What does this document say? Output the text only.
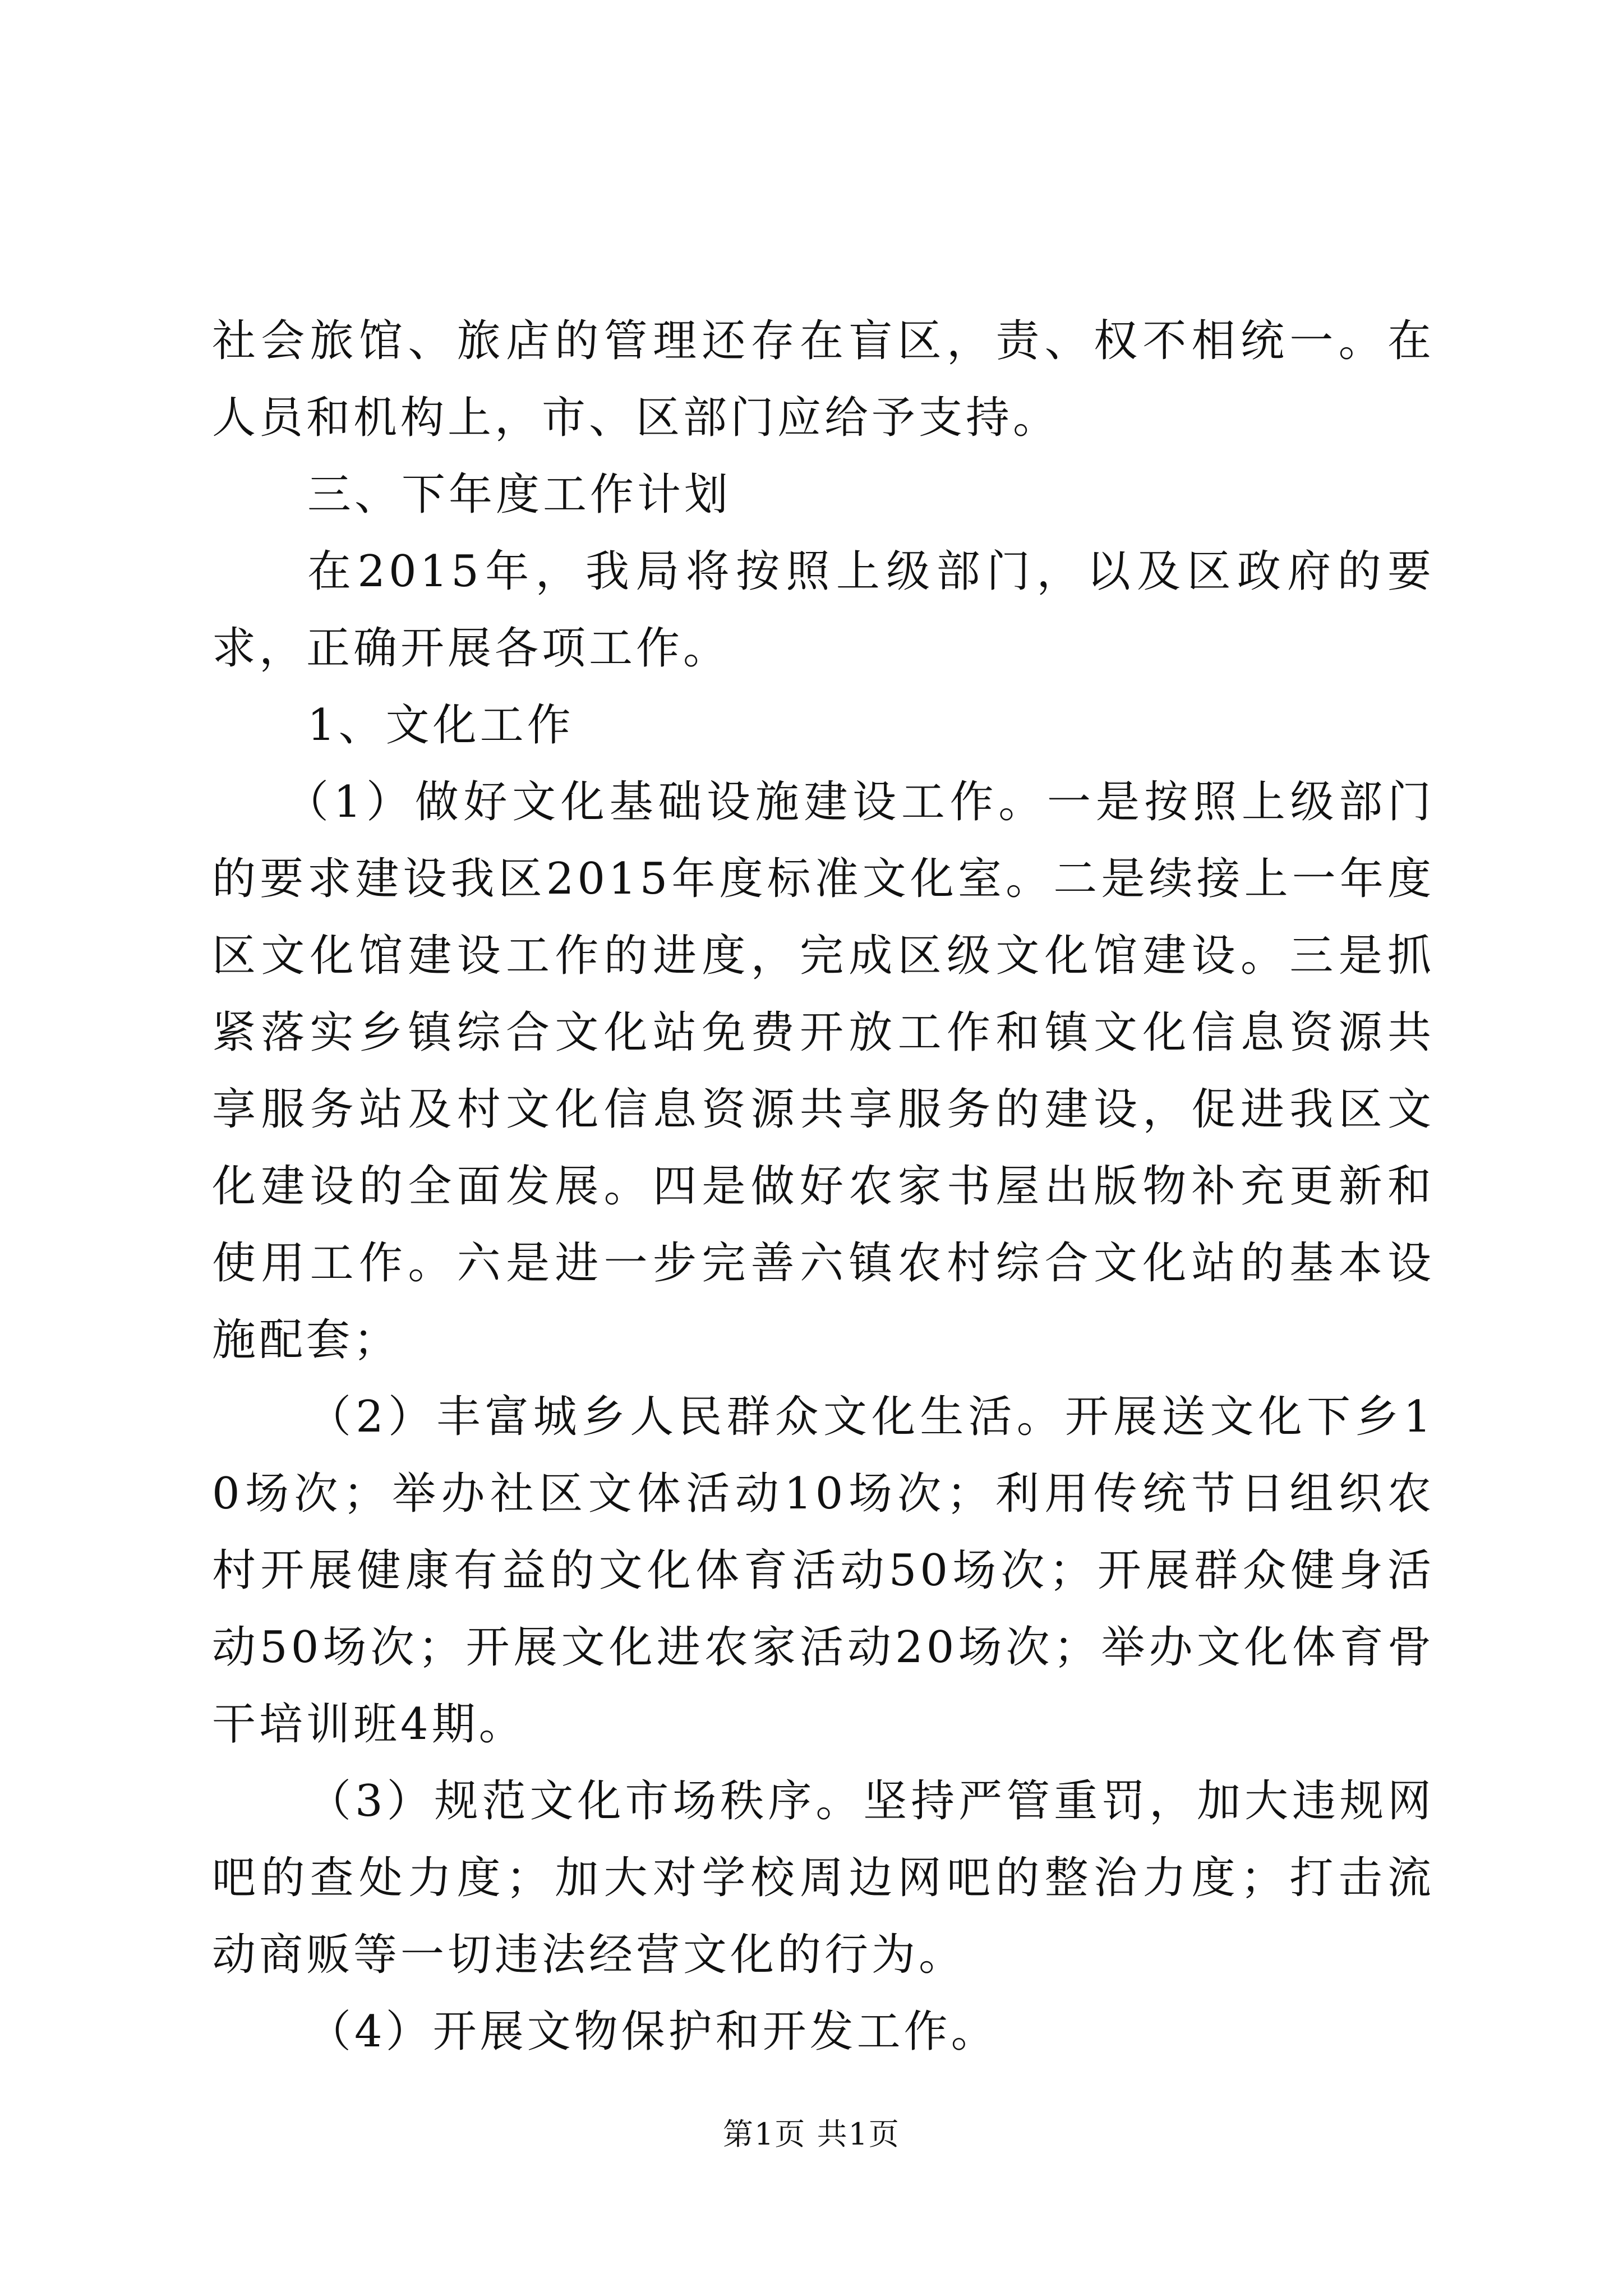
社会旅馆、旅店的管理还存在盲区，责、权不相统一。在人员和机构上，市、区部门应给予支持。

三、下年度工作计划

在2015年，我局将按照上级部门，以及区政府的要求，正确开展各项工作。

1、文化工作

（1）做好文化基础设施建设工作。一是按照上级部门的要求建设我区2015年度标准文化室。二是续接上一年度区文化馆建设工作的进度，完成区级文化馆建设。三是抓紧落实乡镇综合文化站免费开放工作和镇文化信息资源共享服务站及村文化信息资源共享服务的建设，促进我区文化建设的全面发展。四是做好农家书屋出版物补充更新和使用工作。六是进一步完善六镇农村综合文化站的基本设施配套；

（2）丰富城乡人民群众文化生活。开展送文化下乡10场次；举办社区文体活动10场次；利用传统节日组织农村开展健康有益的文化体育活动50场次；开展群众健身活动50场次；开展文化进农家活动20场次；举办文化体育骨干培训班4期。

（3）规范文化市场秩序。坚持严管重罚，加大违规网吧的查处力度；加大对学校周边网吧的整治力度；打击流动商贩等一切违法经营文化的行为。

（4）开展文物保护和开发工作。

第1页 共1页
